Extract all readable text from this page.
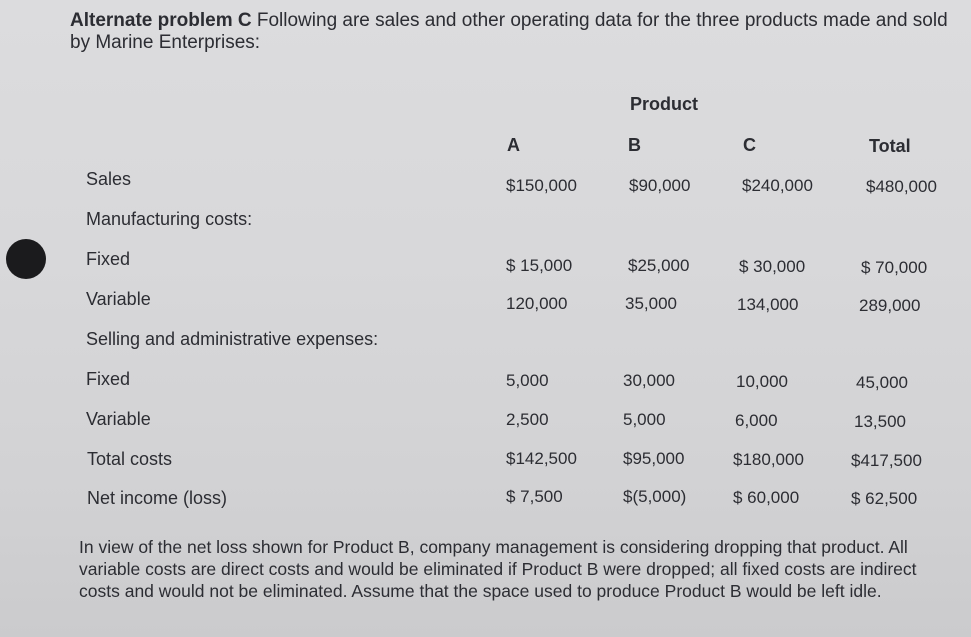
Alternate problem C Following are sales and other operating data for the three products made and sold by Marine Enterprises:
Product
A	B	C	Total
Sales	$150,000	$90,000	$240,000	$480,000
Manufacturing costs:
Fixed	$ 15,000	$25,000	$ 30,000	$ 70,000
Variable	120,000	35,000	134,000	289,000
Selling and administrative expenses:
Fixed	5,000	30,000	10,000	45,000
Variable	2,500	5,000	6,000	13,500
Total costs	$142,500	$95,000	$180,000	$417,500
Net income (loss)	$ 7,500	$(5,000)	$ 60,000	$ 62,500
In view of the net loss shown for Product B, company management is considering dropping that product. All variable costs are direct costs and would be eliminated if Product B were dropped; all fixed costs are indirect costs and would not be eliminated. Assume that the space used to produce Product B would be left idle.
